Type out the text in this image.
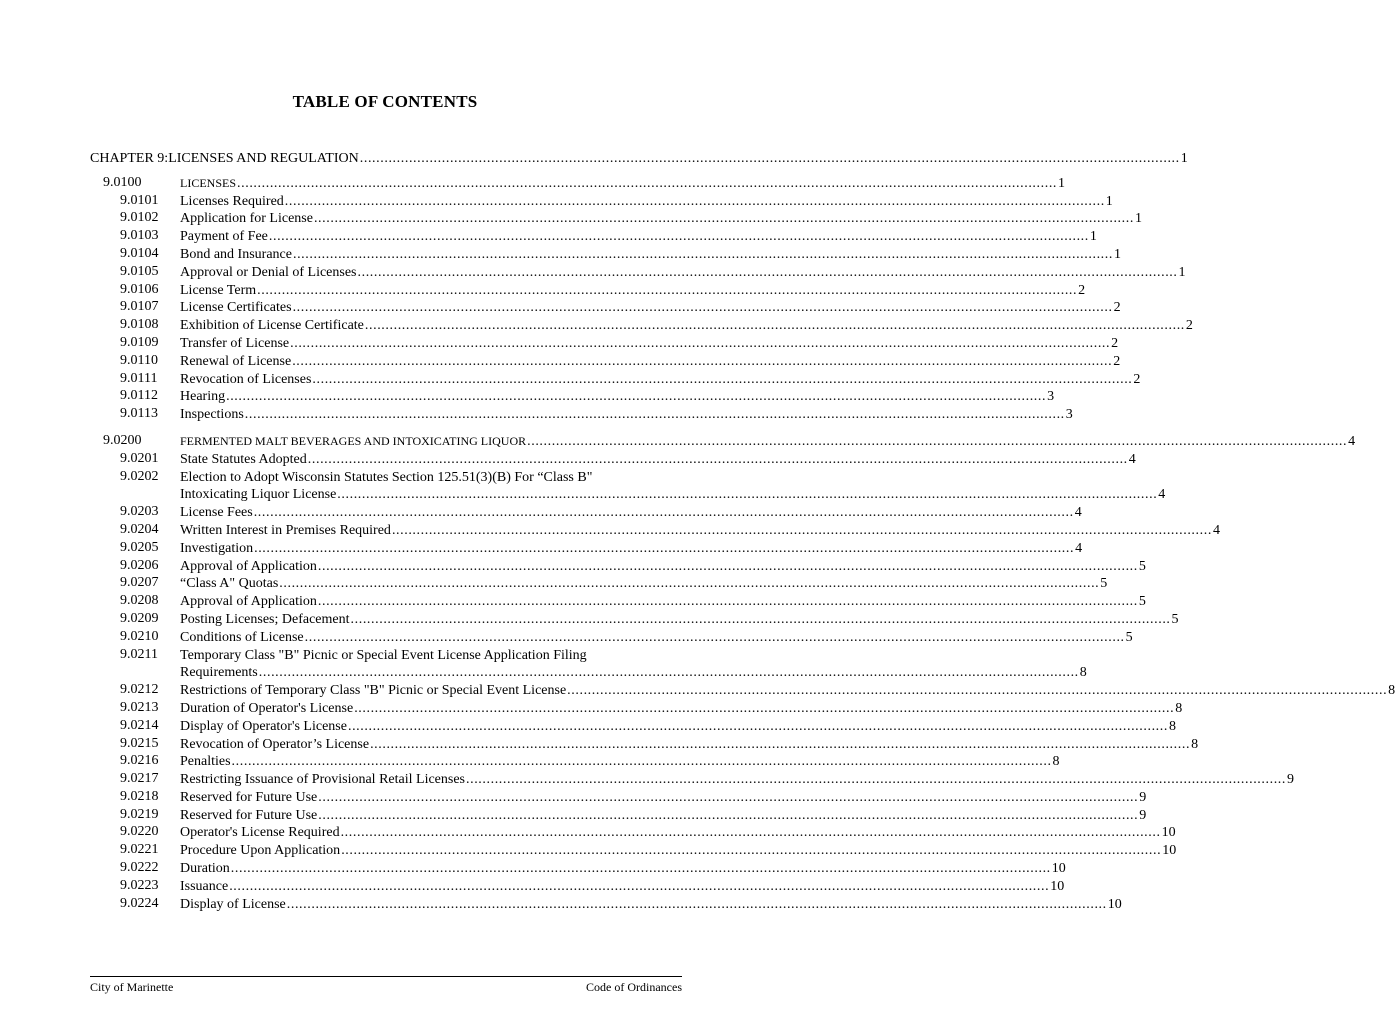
TABLE OF CONTENTS
CHAPTER 9: LICENSES AND REGULATION ........................................................................................................................................................................................................ 1
9.0100	LICENSES ........................................................................................................................................................................................................ 1
9.0101	Licenses Required ........................................................................................................................................................................................................ 1
9.0102	Application for License ........................................................................................................................................................................................................ 1
9.0103	Payment of Fee ........................................................................................................................................................................................................ 1
9.0104	Bond and Insurance ........................................................................................................................................................................................................ 1
9.0105	Approval or Denial of Licenses ........................................................................................................................................................................................................ 1
9.0106	License Term ........................................................................................................................................................................................................ 2
9.0107	License Certificates ........................................................................................................................................................................................................ 2
9.0108	Exhibition of License Certificate ........................................................................................................................................................................................................ 2
9.0109	Transfer of License ........................................................................................................................................................................................................ 2
9.0110	Renewal of License ........................................................................................................................................................................................................ 2
9.0111	Revocation of Licenses ........................................................................................................................................................................................................ 2
9.0112	Hearing ........................................................................................................................................................................................................ 3
9.0113	Inspections ........................................................................................................................................................................................................ 3
9.0200	FERMENTED MALT BEVERAGES AND INTOXICATING LIQUOR ........................................................................................................................................................................................................ 4
9.0201	State Statutes Adopted ........................................................................................................................................................................................................ 4
9.0202	Election to Adopt Wisconsin Statutes Section 125.51(3)(B) For “Class B"
Intoxicating Liquor License ........................................................................................................................................................................................................ 4
9.0203	License Fees ........................................................................................................................................................................................................ 4
9.0204	Written Interest in Premises Required ........................................................................................................................................................................................................ 4
9.0205	Investigation ........................................................................................................................................................................................................ 4
9.0206	Approval of Application ........................................................................................................................................................................................................ 5
9.0207	“Class A" Quotas ........................................................................................................................................................................................................ 5
9.0208	Approval of Application ........................................................................................................................................................................................................ 5
9.0209	Posting Licenses; Defacement ........................................................................................................................................................................................................ 5
9.0210	Conditions of License ........................................................................................................................................................................................................ 5
9.0211	Temporary Class "B" Picnic or Special Event License Application Filing
Requirements ........................................................................................................................................................................................................ 8
9.0212	Restrictions of Temporary Class "B" Picnic or Special Event License ........................................................................................................................................................................................................ 8
9.0213	Duration of Operator's License ........................................................................................................................................................................................................ 8
9.0214	Display of Operator's License ........................................................................................................................................................................................................ 8
9.0215	Revocation of Operator’s License ........................................................................................................................................................................................................ 8
9.0216	Penalties ........................................................................................................................................................................................................ 8
9.0217	Restricting Issuance of Provisional Retail Licenses ........................................................................................................................................................................................................ 9
9.0218	Reserved for Future Use ........................................................................................................................................................................................................ 9
9.0219	Reserved for Future Use ........................................................................................................................................................................................................ 9
9.0220	Operator's License Required ........................................................................................................................................................................................................ 10
9.0221	Procedure Upon Application ........................................................................................................................................................................................................ 10
9.0222	Duration ........................................................................................................................................................................................................ 10
9.0223	Issuance ........................................................................................................................................................................................................ 10
9.0224	Display of License ........................................................................................................................................................................................................ 10
City of Marinette	Code of Ordinances
